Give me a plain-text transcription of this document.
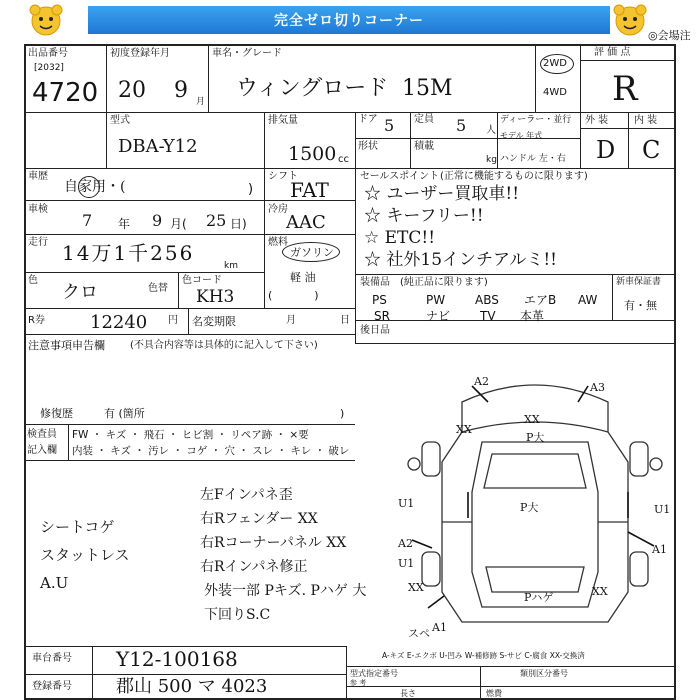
完全ゼロ切りコーナー
◎会場注
出品番号
[2032]
4720
初度登録年月
20 9 月
車名・グレード
ウィングロード 15M
2WD
4WD
評 価 点
R
型式
DBA-Y12
排気量
1500 cc
ドア 5 定員 5 人
形状	積載
kg
ディーラー・並行
モデル 年式
ハンドル 左・右
外 装	内 装
D C
車歴
自家用・(	)
シフト
FAT
車検
7 年 9 月( 25 日)
冷房
AAC
走行 14万1千256
km
燃料
ガソリン
軽 油
(            )
色
クロ	色替
色コード
KH3
R券	12240 円 名変期限	月	日
注意事項申告欄	(不具合内容等は具体的に記入して下さい)
修復歴	有 (箇所	)
検査員
記入欄
FW ・ キズ ・ 飛石 ・ ヒビ割 ・ リペア跡 ・ ×要
内装 ・ キズ ・ 汚レ ・ コゲ ・ 穴 ・ スレ ・ キレ ・ 破レ
セールスポイント (正常に機能するものに限ります)
☆ ユーザー買取車!!
☆ キーフリー!!
☆ ETC!!
☆ 社外15インチアルミ!!
装備品 (純正品に限ります)	新車保証書
有・無
PS	PW ABS エアB AW
SR	ナビ TV 本革
後日品
A2	A3
XX
XX
P大
P大
U1	U1
A2
U1
A1
XX	XX
Pハゲ
A1
スペ
シートコゲ
スタットレス
A.U
左Fインパネ歪
右Rフェンダー XX
右Rコーナーパネル XX
右Rインパネ修正
外装一部 Pキズ. Pハゲ 大
下回りS.C
A-キズ E-エクボ U-凹み W-補修跡 S-サビ C-腐食 XX-交換済
車台番号 Y12-100168
登録番号 郡山 500 マ 4023
型式指定番号	類別区分番号
参 考
長さ	燃費
